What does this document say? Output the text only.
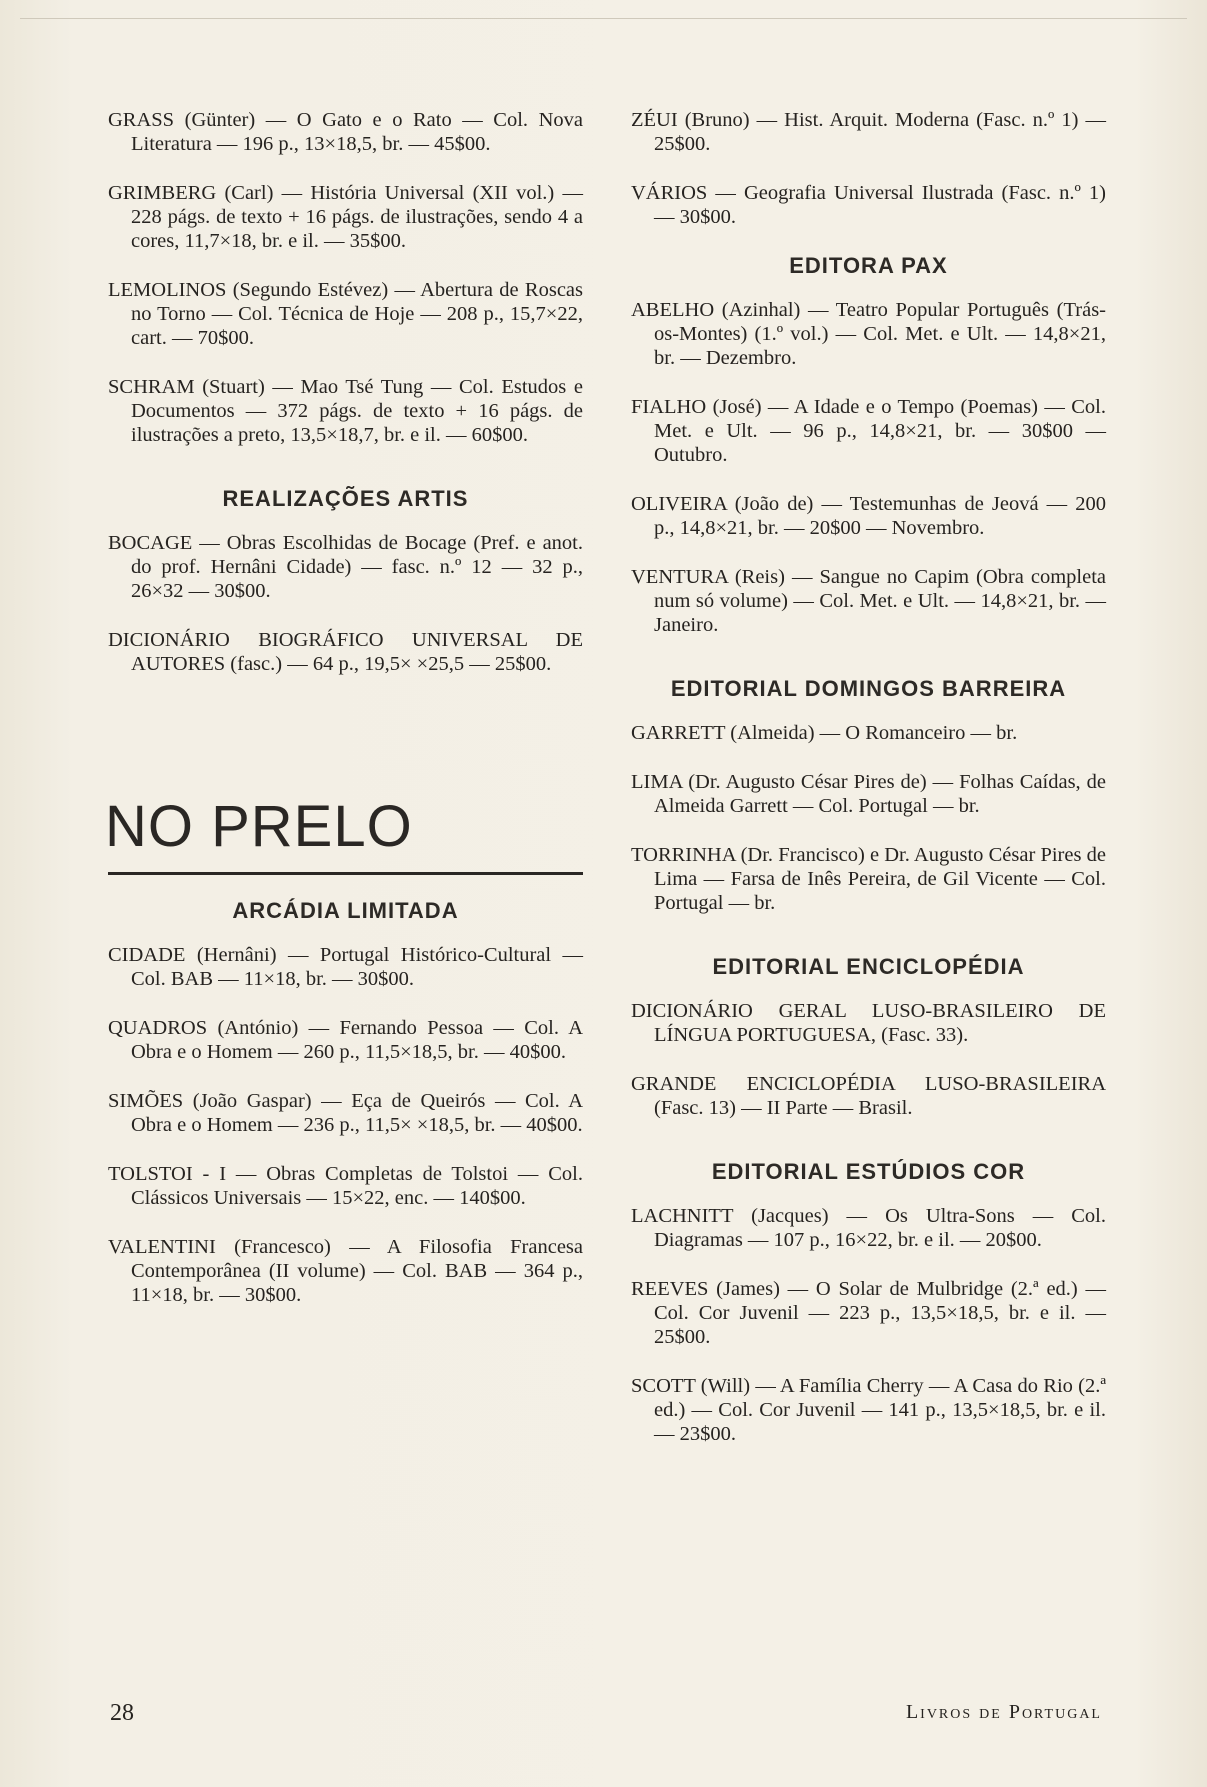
GRASS (Günter) — O Gato e o Rato — Col. Nova Literatura — 196 p., 13×18,5, br. — 45$00.

GRIMBERG (Carl) — História Universal (XII vol.) — 228 págs. de texto + 16 págs. de ilustrações, sendo 4 a cores, 11,7×18, br. e il. — 35$00.

LEMOLINOS (Segundo Estévez) — Abertura de Roscas no Torno — Col. Técnica de Hoje — 208 p., 15,7×22, cart. — 70$00.

SCHRAM (Stuart) — Mao Tsé Tung — Col. Estudos e Documentos — 372 págs. de texto + 16 págs. de ilustrações a preto, 13,5×18,7, br. e il. — 60$00.

REALIZAÇÕES ARTIS

BOCAGE — Obras Escolhidas de Bocage (Pref. e anot. do prof. Hernâni Cidade) — fasc. n.º 12 — 32 p., 26×32 — 30$00.

DICIONÁRIO BIOGRÁFICO UNIVERSAL DE AUTORES (fasc.) — 64 p., 19,5× ×25,5 — 25$00.

NO PRELO
ARCÁDIA LIMITADA

CIDADE (Hernâni) — Portugal Histórico-Cultural — Col. BAB — 11×18, br. — 30$00.

QUADROS (António) — Fernando Pessoa — Col. A Obra e o Homem — 260 p., 11,5×18,5, br. — 40$00.

SIMÕES (João Gaspar) — Eça de Queirós — Col. A Obra e o Homem — 236 p., 11,5× ×18,5, br. — 40$00.

TOLSTOI - I — Obras Completas de Tolstoi — Col. Clássicos Universais — 15×22, enc. — 140$00.

VALENTINI (Francesco) — A Filosofia Francesa Contemporânea (II volume) — Col. BAB — 364 p., 11×18, br. — 30$00.

ZÉUI (Bruno) — Hist. Arquit. Moderna (Fasc. n.º 1) — 25$00.

VÁRIOS — Geografia Universal Ilustrada (Fasc. n.º 1) — 30$00.

EDITORA PAX

ABELHO (Azinhal) — Teatro Popular Português (Trás-os-Montes) (1.º vol.) — Col. Met. e Ult. — 14,8×21, br. — Dezembro.

FIALHO (José) — A Idade e o Tempo (Poemas) — Col. Met. e Ult. — 96 p., 14,8×21, br. — 30$00 — Outubro.

OLIVEIRA (João de) — Testemunhas de Jeová — 200 p., 14,8×21, br. — 20$00 — Novembro.

VENTURA (Reis) — Sangue no Capim (Obra completa num só volume) — Col. Met. e Ult. — 14,8×21, br. — Janeiro.

EDITORIAL DOMINGOS BARREIRA

GARRETT (Almeida) — O Romanceiro — br.

LIMA (Dr. Augusto César Pires de) — Folhas Caídas, de Almeida Garrett — Col. Portugal — br.

TORRINHA (Dr. Francisco) e Dr. Augusto César Pires de Lima — Farsa de Inês Pereira, de Gil Vicente — Col. Portugal — br.

EDITORIAL ENCICLOPÉDIA

DICIONÁRIO GERAL LUSO-BRASILEIRO DE LÍNGUA PORTUGUESA, (Fasc. 33).

GRANDE ENCICLOPÉDIA LUSO-BRASILEIRA (Fasc. 13) — II Parte — Brasil.

EDITORIAL ESTÚDIOS COR

LACHNITT (Jacques) — Os Ultra-Sons — Col. Diagramas — 107 p., 16×22, br. e il. — 20$00.

REEVES (James) — O Solar de Mulbridge (2.ª ed.) — Col. Cor Juvenil — 223 p., 13,5×18,5, br. e il. — 25$00.

SCOTT (Will) — A Família Cherry — A Casa do Rio (2.ª ed.) — Col. Cor Juvenil — 141 p., 13,5×18,5, br. e il. — 23$00.

28	Livros de Portugal
